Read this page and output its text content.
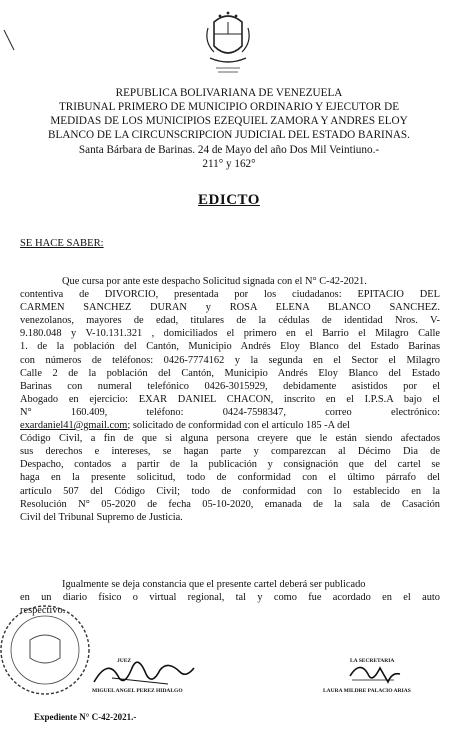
REPUBLICA BOLIVARIANA DE VENEZUELA
TRIBUNAL PRIMERO DE MUNICIPIO ORDINARIO Y EJECUTOR DE
MEDIDAS DE LOS MUNICIPIOS EZEQUIEL ZAMORA Y ANDRES ELOY
BLANCO DE LA CIRCUNSCRIPCION JUDICIAL DEL ESTADO BARINAS.
Santa Bárbara de Barinas. 24 de Mayo del año Dos Mil Veintiuno.-
211° y 162°
EDICTO
SE HACE SABER:
Que cursa por ante este despacho Solicitud signada con el N° C-42-2021.
contentiva de DIVORCIO, presentada por los ciudadanos: EPITACIO DEL
CARMEN SANCHEZ DURAN y ROSA ELENA BLANCO SANCHEZ.
venezolanos, mayores de edad, titulares de la cédulas de identidad Nros. V-
9.180.048 y V-10.131.321 , domiciliados el primero en el Barrio el Milagro Calle
1. de la población del Cantón, Municipio Andrés Eloy Blanco del Estado Barinas
con números de teléfonos: 0426-7774162 y la segunda en el Sector el Milagro
Calle 2 de la población del Cantón, Municipio Andrés Eloy Blanco del Estado
Barinas con numeral telefónico 0426-3015929, debidamente asistidos por el
Abogado en ejercicio: EXAR DANIEL CHACON, inscrito en el I.P.S.A bajo el
N° 160.409, teléfono: 0424-7598347, correo electrónico:
exardaniel41@gmail.com; solicitado de conformidad con el artículo 185 -A del
Código Civil, a fin de que si alguna persona creyere que le están siendo afectados
sus derechos e intereses, se hagan parte y comparezcan al Décimo Dia de
Despacho, contados a partir de la publicación y consignación que del cartel se
haga en la presente solicitud, todo de conformidad con el último párrafo del
artículo 507 del Código Civil; todo de conformidad con lo establecido en la
Resolución N° 05-2020 de fecha 05-10-2020, emanada de la sala de Casación
Civil del Tribunal Supremo de Justicia.
Igualmente se deja constancia que el presente cartel deberá ser publicado
en un diario físico o virtual regional, tal y como fue acordado en el auto
respectivo.
JUEZ
MIGUEL ANGEL PEREZ HIDALGO
LA SECRETARIA
LAURA MILDRE PALACIO ARIAS
Expediente N° C-42-2021.-
